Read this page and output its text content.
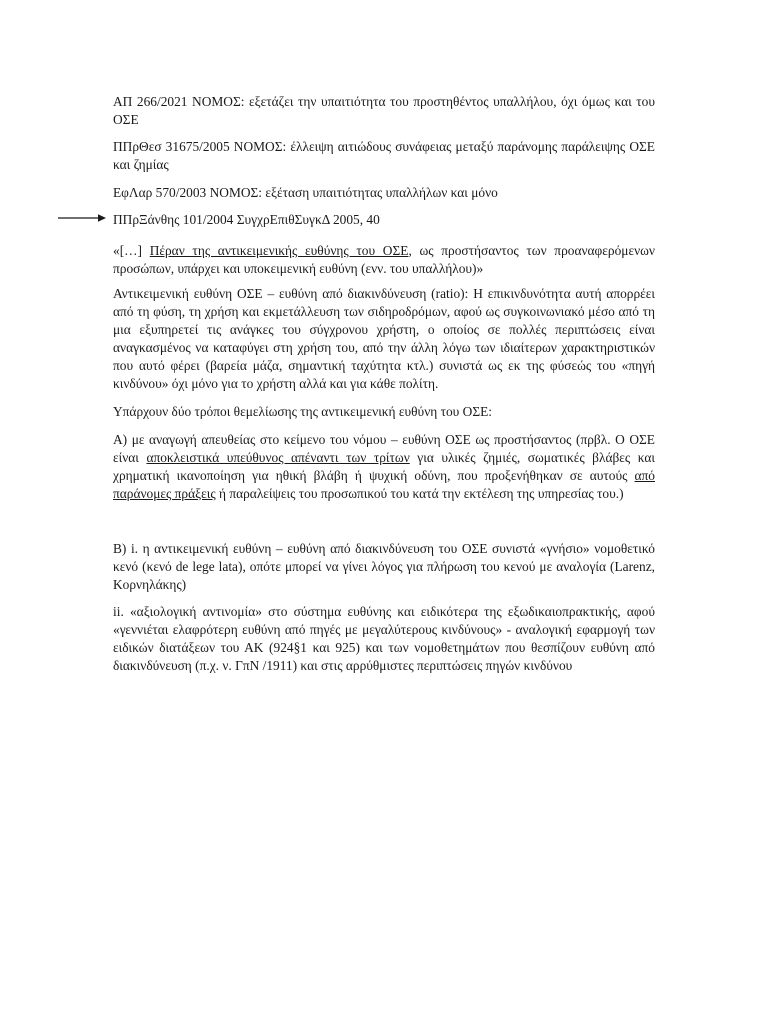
ΑΠ 266/2021 ΝΟΜΟΣ: εξετάζει την υπαιτιότητα του προστηθέντος υπαλλήλου, όχι όμως και του ΟΣΕ

ΠΠρΘεσ 31675/2005 ΝΟΜΟΣ: έλλειψη αιτιώδους συνάφειας μεταξύ παράνομης παράλειψης ΟΣΕ και ζημίας

ΕφΛαρ 570/2003 ΝΟΜΟΣ: εξέταση υπαιτιότητας υπαλλήλων και μόνο

ΠΠρΞάνθης 101/2004 ΣυγχρΕπιθΣυγκΔ 2005, 40

«[…] Πέραν της αντικειμενικής ευθύνης του ΟΣΕ, ως προστήσαντος των προαναφερόμενων προσώπων, υπάρχει και υποκειμενική ευθύνη (ενν. του υπαλλήλου)»

Αντικειμενική ευθύνη ΟΣΕ – ευθύνη από διακινδύνευση (ratio): Η επικινδυνότητα αυτή απορρέει από τη φύση, τη χρήση και εκμετάλλευση των σιδηροδρόμων, αφού ως συγκοινωνιακό μέσο από τη μια εξυπηρετεί τις ανάγκες του σύγχρονου χρήστη, ο οποίος σε πολλές περιπτώσεις είναι αναγκασμένος να καταφύγει στη χρήση του, από την άλλη λόγω των ιδιαίτερων χαρακτηριστικών που αυτό φέρει (βαρεία μάζα, σημαντική ταχύτητα κτλ.) συνιστά ως εκ της φύσεώς του «πηγή κινδύνου» όχι μόνο για το χρήστη αλλά και για κάθε πολίτη.

Υπάρχουν δύο τρόποι θεμελίωσης της αντικειμενική ευθύνη του ΟΣΕ:

Α) με αναγωγή απευθείας στο κείμενο του νόμου – ευθύνη ΟΣΕ ως προστήσαντος (πρβλ. Ο ΟΣΕ είναι αποκλειστικά υπεύθυνος απέναντι των τρίτων για υλικές ζημιές, σωματικές βλάβες και χρηματική ικανοποίηση για ηθική βλάβη ή ψυχική οδύνη, που προξενήθηκαν σε αυτούς από παράνομες πράξεις ή παραλείψεις του προσωπικού του κατά την εκτέλεση της υπηρεσίας του.)

Β) i. η αντικειμενική ευθύνη – ευθύνη από διακινδύνευση του ΟΣΕ συνιστά «γνήσιο» νομοθετικό κενό (κενό de lege lata), οπότε μπορεί να γίνει λόγος για πλήρωση του κενού με αναλογία (Larenz, Κορνηλάκης)

ii. «αξιολογική αντινομία» στο σύστημα ευθύνης και ειδικότερα της εξωδικαιοπρακτικής, αφού «γεννιέται ελαφρότερη ευθύνη από πηγές με μεγαλύτερους κινδύνους» - αναλογική εφαρμογή των ειδικών διατάξεων του ΑΚ (924§1 και 925) και των νομοθετημάτων που θεσπίζουν ευθύνη από διακινδύνευση (π.χ. ν. ΓπΝ /1911) και στις αρρύθμιστες περιπτώσεις πηγών κινδύνου
